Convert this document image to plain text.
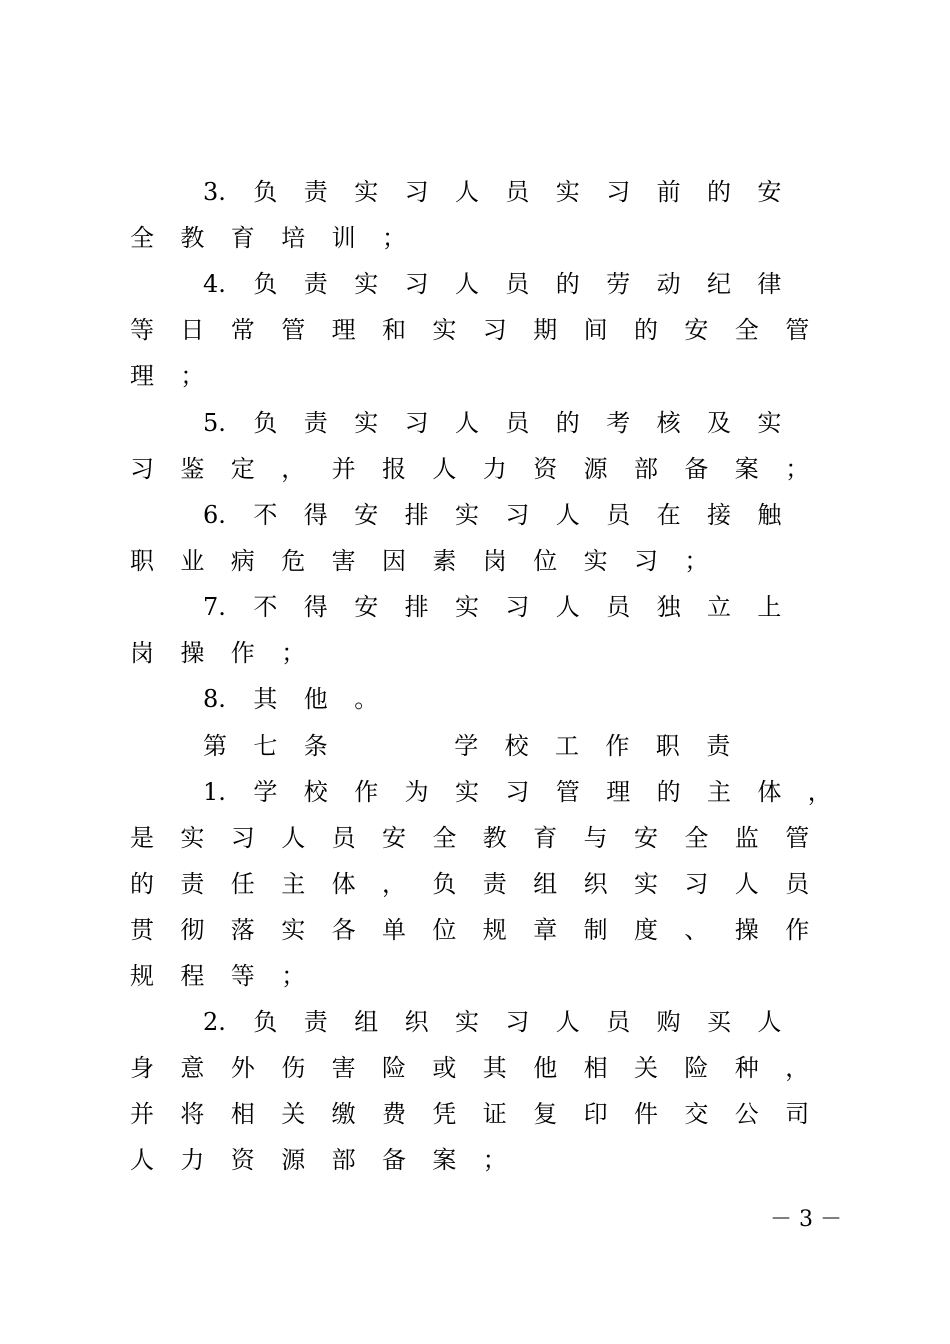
3. 负 责 实 习 人 员 实 习 前 的 安
全 教 育 培 训 ；
4. 负 责 实 习 人 员 的 劳 动 纪 律
等 日 常 管 理 和 实 习 期 间 的 安 全 管
理 ；
5. 负 责 实 习 人 员 的 考 核 及 实
习 鉴 定 ， 并 报 人 力 资 源 部 备 案 ；
6. 不 得 安 排 实 习 人 员 在 接 触
职 业 病 危 害 因 素 岗 位 实 习 ；
7. 不 得 安 排 实 习 人 员 独 立 上
岗 操 作 ；
8. 其 他 。
第 七 条	学 校 工 作 职 责
1. 学 校 作 为 实 习 管 理 的 主 体 ，
是 实 习 人 员 安 全 教 育 与 安 全 监 管
的 责 任 主 体 ， 负 责 组 织 实 习 人 员
贯 彻 落 实 各 单 位 规 章 制 度 、 操 作
规 程 等 ；
2. 负 责 组 织 实 习 人 员 购 买 人
身 意 外 伤 害 险 或 其 他 相 关 险 种 ，
并 将 相 关 缴 费 凭 证 复 印 件 交 公 司
人 力 资 源 部 备 案 ；
－ 3 －
